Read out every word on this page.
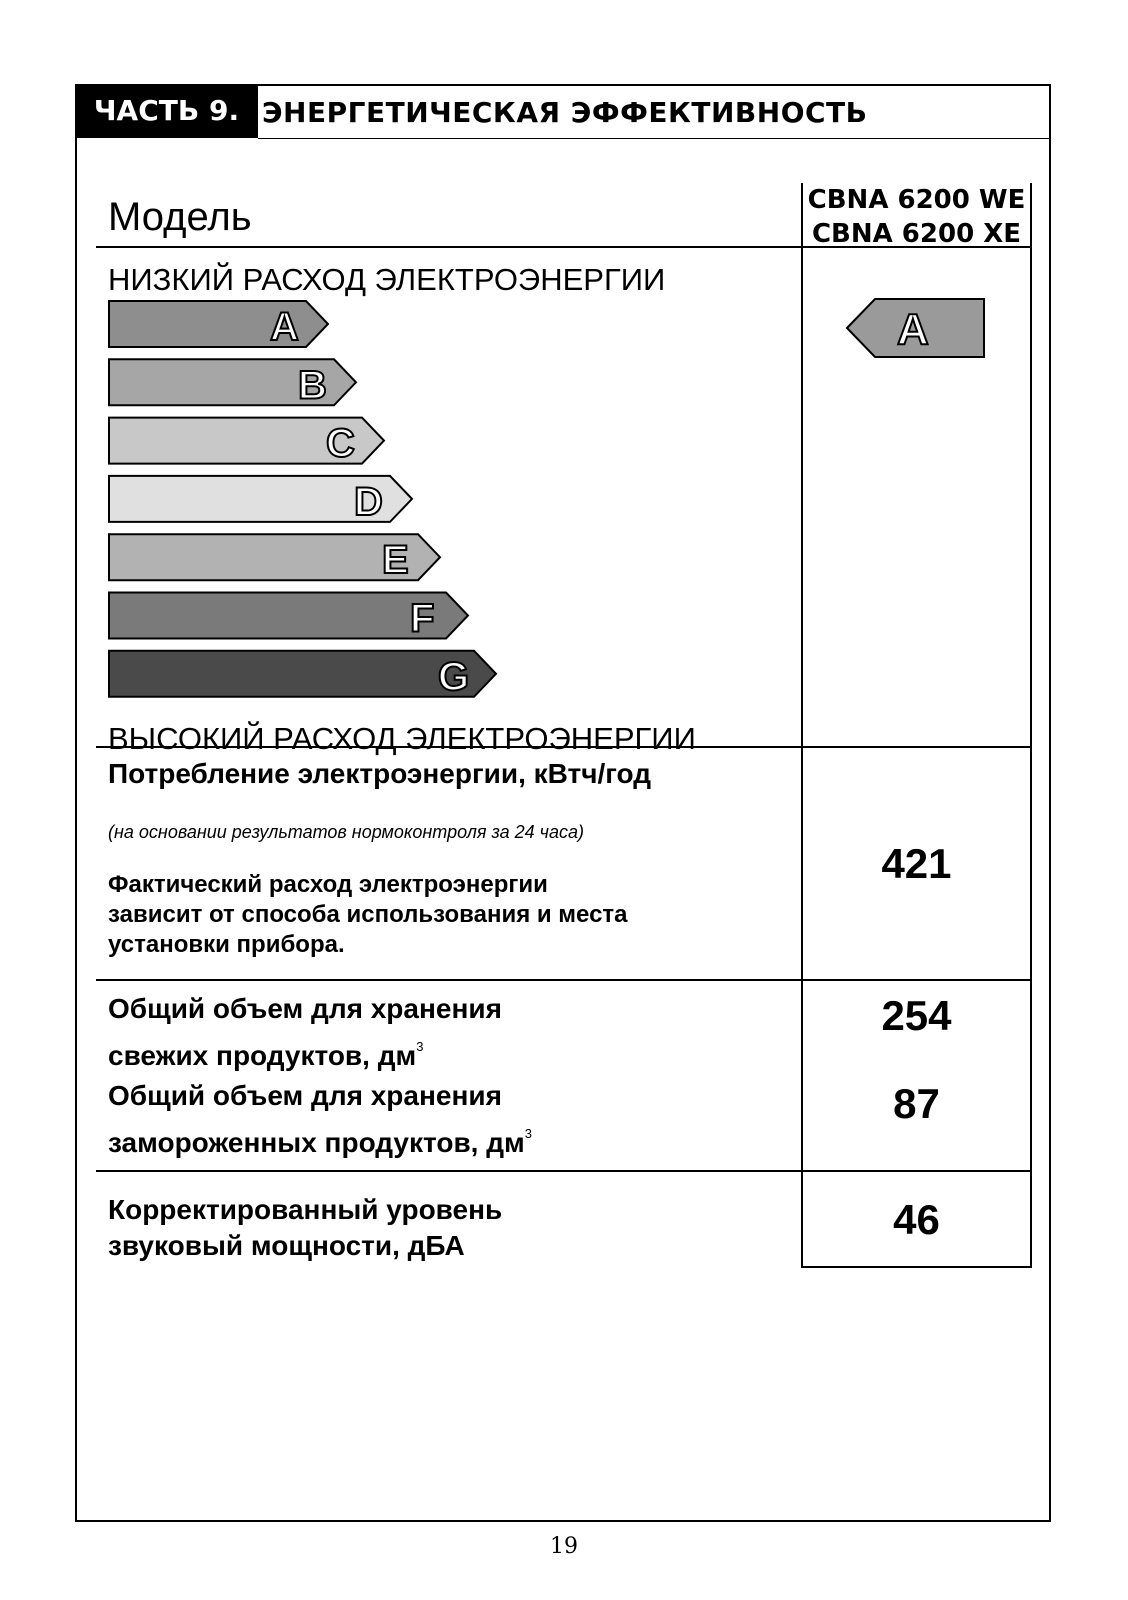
ЧАСТЬ 9. ЭНЕРГЕТИЧЕСКАЯ ЭФФЕКТИВНОСТЬ
Модель	CBNA 6200 WE
CBNA 6200 XE
НИЗКИЙ РАСХОД ЭЛЕКТРОЭНЕРГИИ
A
B
C
D
E
F
G
ВЫСОКИЙ РАСХОД ЭЛЕКТРОЭНЕРГИИ
A
Потребление электроэнергии, кВтч/год
(на основании результатов нормоконтроля за 24 часа)
Фактический расход электроэнергии зависит от способа использования и места установки прибора.
421
Общий объем для хранения свежих продуктов, $дм^3$
254
Общий объем для хранения замороженных продуктов, $дм^3$
87
Корректированный уровень звуковый мощности, дБА
46
19
